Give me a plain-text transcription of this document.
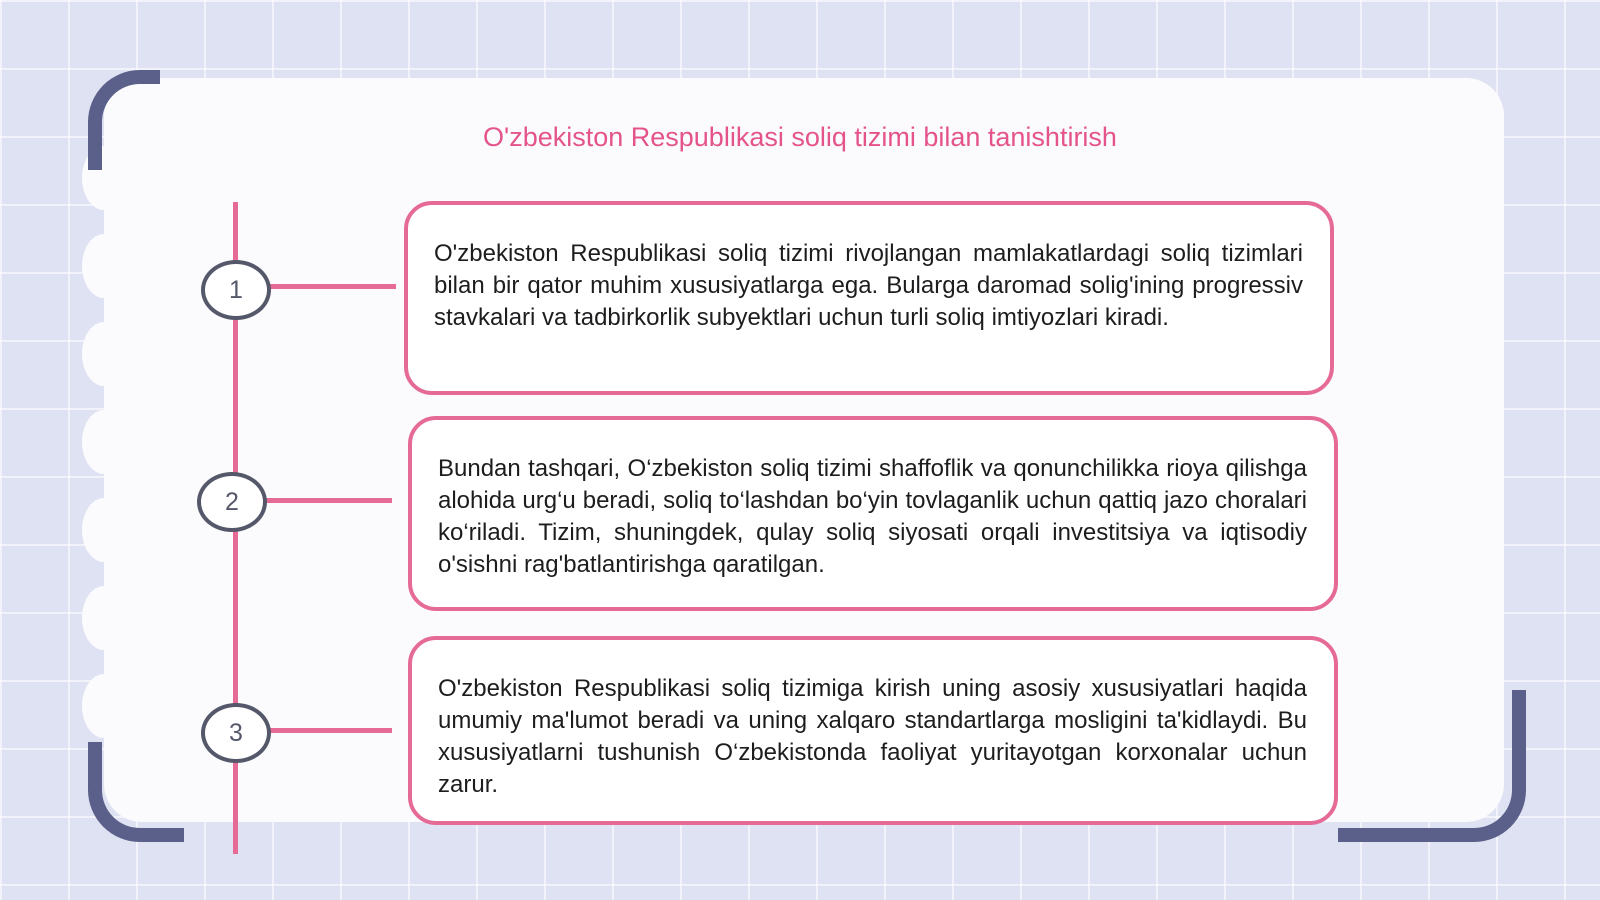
O'zbekiston Respublikasi soliq tizimi bilan tanishtirish
1
2
3

O'zbekiston Respublikasi soliq tizimi rivojlangan mamlakatlardagi soliq tizimlari bilan bir qator muhim xususiyatlarga ega. Bularga daromad solig'ining progressiv stavkalari va tadbirkorlik subyektlari uchun turli soliq imtiyozlari kiradi.

Bundan tashqari, O‘zbekiston soliq tizimi shaffoflik va qonunchilikka rioya qilishga alohida urg‘u beradi, soliq to‘lashdan bo‘yin tovlaganlik uchun qattiq jazo choralari ko‘riladi. Tizim, shuningdek, qulay soliq siyosati orqali investitsiya va iqtisodiy o'sishni rag'batlantirishga qaratilgan.

O'zbekiston Respublikasi soliq tizimiga kirish uning asosiy xususiyatlari haqida umumiy ma'lumot beradi va uning xalqaro standartlarga mosligini ta'kidlaydi. Bu xususiyatlarni tushunish O‘zbekistonda faoliyat yuritayotgan korxonalar uchun zarur.
